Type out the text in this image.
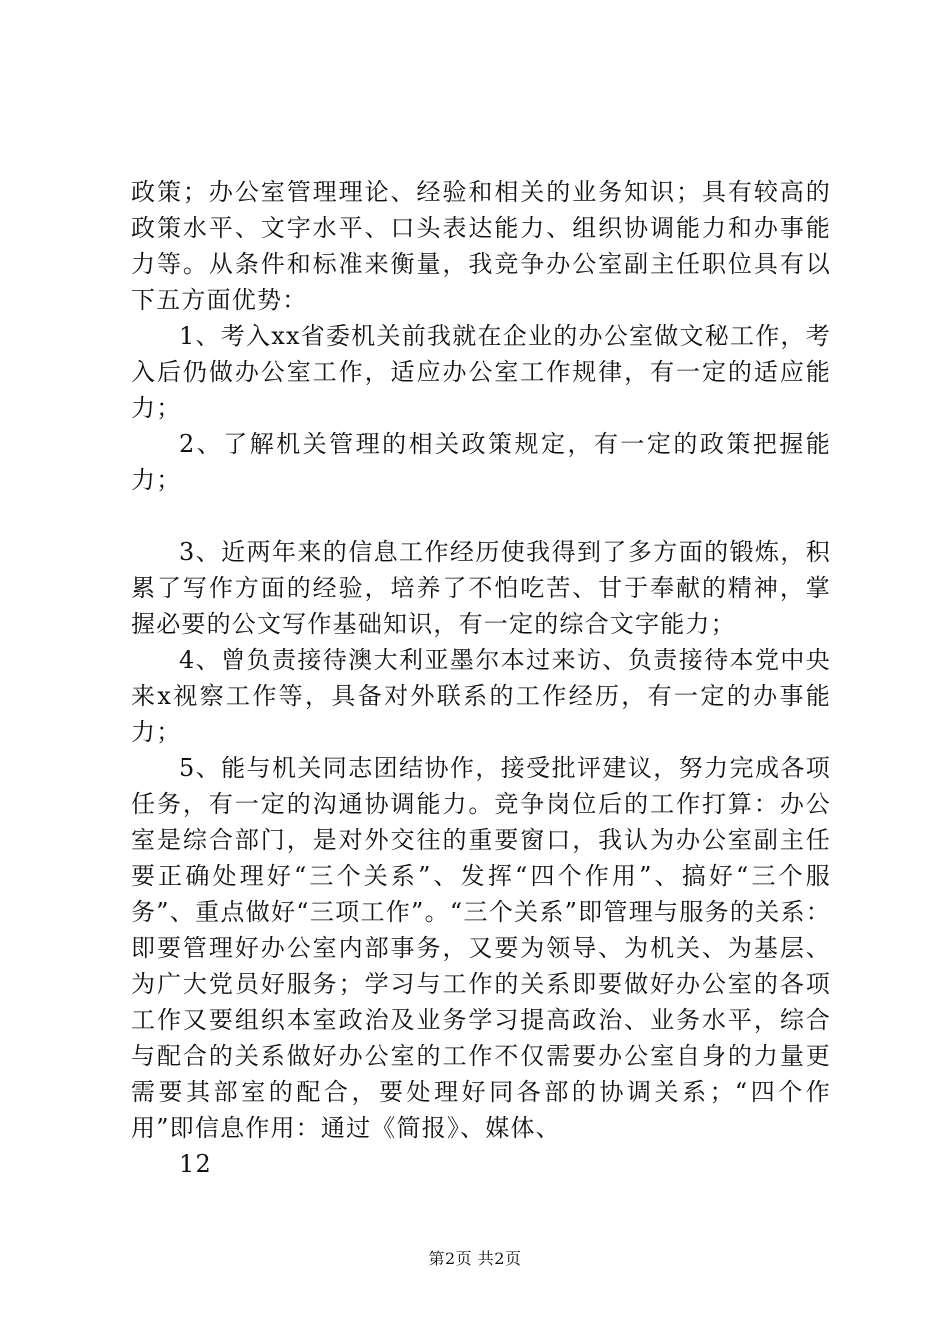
政策；办公室管理理论、经验和相关的业务知识；具有较高的政策水平、文字水平、口头表达能力、组织协调能力和办事能力等。从条件和标准来衡量，我竞争办公室副主任职位具有以下五方面优势：

1、考入xx省委机关前我就在企业的办公室做文秘工作，考入后仍做办公室工作，适应办公室工作规律，有一定的适应能力；

2、了解机关管理的相关政策规定，有一定的政策把握能力；

3、近两年来的信息工作经历使我得到了多方面的锻炼，积累了写作方面的经验，培养了不怕吃苦、甘于奉献的精神，掌握必要的公文写作基础知识，有一定的综合文字能力；

4、曾负责接待澳大利亚墨尔本过来访、负责接待本党中央来x视察工作等，具备对外联系的工作经历，有一定的办事能力；

5、能与机关同志团结协作，接受批评建议，努力完成各项任务，有一定的沟通协调能力。竞争岗位后的工作打算：办公室是综合部门，是对外交往的重要窗口，我认为办公室副主任要正确处理好“三个关系”、发挥“四个作用”、搞好“三个服务”、重点做好“三项工作”。“三个关系”即管理与服务的关系：即要管理好办公室内部事务，又要为领导、为机关、为基层、为广大党员好服务；学习与工作的关系即要做好办公室的各项工作又要组织本室政治及业务学习提高政治、业务水平，综合与配合的关系做好办公室的工作不仅需要办公室自身的力量更需要其部室的配合，要处理好同各部的协调关系；“四个作用”即信息作用：通过《简报》、媒体、

12

第2页 共2页
